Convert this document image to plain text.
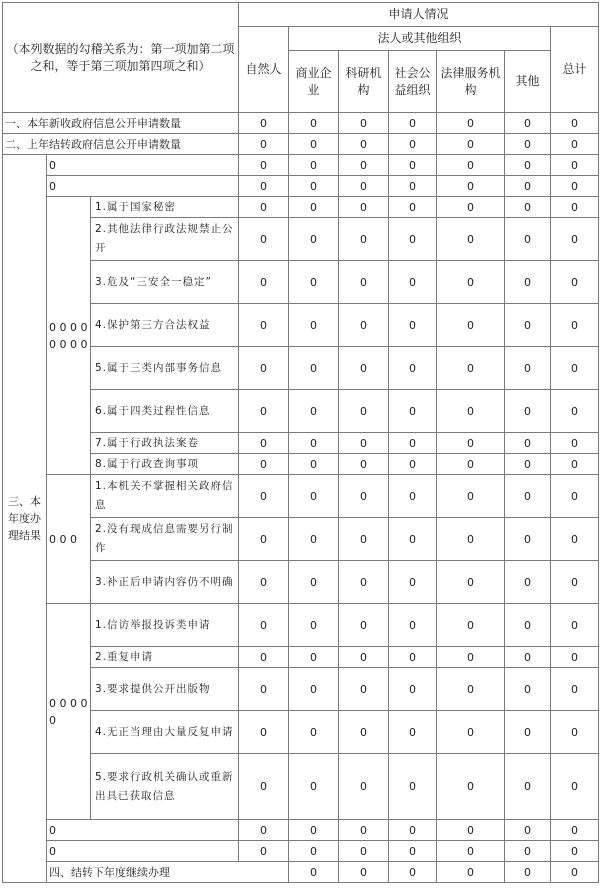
（本列数据的勾稽关系为：第一项加第二项之和，等于第三项加第四项之和）			申请人情况							
			自然人	法人或其他组织					总计	
				商业企业	科研机构	社会公益组织	法律服务机构	其他		
一、本年新收政府信息公开申请数量			0	0	0	0	0	0	0	
二、上年结转政府信息公开申请数量			0	0	0	0	0	0	0	
三、本年度办理结果	0		0	0	0	0	0	0	0	
	0		0	0	0	0	0	0	0	
	0 0 0 0 0 0 0 0	1.属于国家秘密	0	0	0	0	0	0	0	
		2.其他法律行政法规禁止公开	0	0	0	0	0	0	0	
		3.危及“三安全一稳定”	0	0	0	0	0	0	0	
		4.保护第三方合法权益	0	0	0	0	0	0	0	
		5.属于三类内部事务信息	0	0	0	0	0	0	0	
		6.属于四类过程性信息	0	0	0	0	0	0	0	
		7.属于行政执法案卷	0	0	0	0	0	0	0	
		8.属于行政查询事项	0	0	0	0	0	0	0	
	0 0 0	1.本机关不掌握相关政府信息	0	0	0	0	0	0	0	
		2.没有现成信息需要另行制作	0	0	0	0	0	0	0	
		3.补正后申请内容仍不明确	0	0	0	0	0	0	0	
	0 0 0 0 0	1.信访举报投诉类申请	0	0	0	0	0	0	0	
		2.重复申请	0	0	0	0	0	0	0	
		3.要求提供公开出版物	0	0	0	0	0	0	0	
		4.无正当理由大量反复申请	0	0	0	0	0	0	0	
		5.要求行政机关确认或重新出具已获取信息	0	0	0	0	0	0	0	
	0		0	0	0	0	0	0	0	
	0		0	0	0	0	0	0	0	
	四、结转下年度继续办理			0	0	0	0	0	0	
